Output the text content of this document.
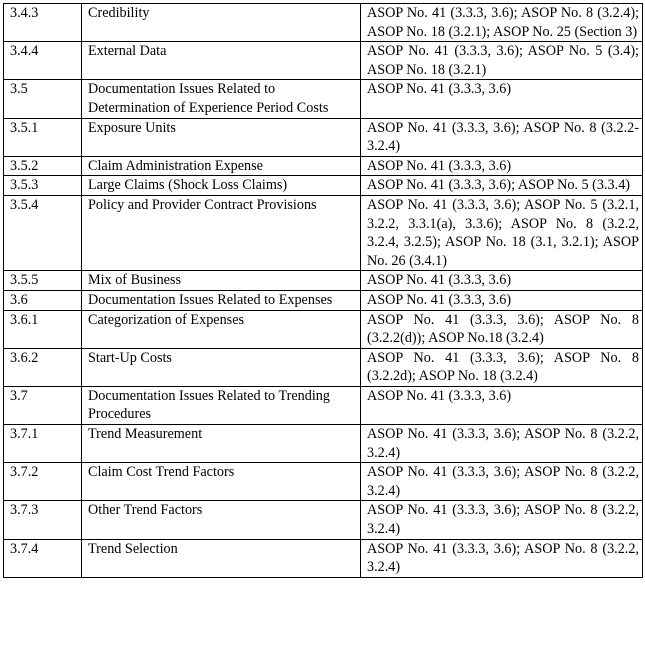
3.4.3	Credibility	ASOP No. 41 (3.3.3, 3.6); ASOP No. 8 (3.2.4); ASOP No. 18 (3.2.1); ASOP No. 25 (Section 3)
3.4.4	External Data	ASOP No. 41 (3.3.3, 3.6); ASOP No. 5 (3.4); ASOP No. 18 (3.2.1)
3.5	Documentation Issues Related to Determination of Experience Period Costs	ASOP No. 41 (3.3.3, 3.6)
3.5.1	Exposure Units	ASOP No. 41 (3.3.3, 3.6); ASOP No. 8 (3.2.2-3.2.4)
3.5.2	Claim Administration Expense	ASOP No. 41 (3.3.3, 3.6)
3.5.3	Large Claims (Shock Loss Claims)	ASOP No. 41 (3.3.3, 3.6); ASOP No. 5 (3.3.4)
3.5.4	Policy and Provider Contract Provisions	ASOP No. 41 (3.3.3, 3.6); ASOP No. 5 (3.2.1, 3.2.2, 3.3.1(a), 3.3.6); ASOP No. 8 (3.2.2, 3.2.4, 3.2.5); ASOP No. 18 (3.1, 3.2.1); ASOP No. 26 (3.4.1)
3.5.5	Mix of Business	ASOP No. 41 (3.3.3, 3.6)
3.6	Documentation Issues Related to Expenses	ASOP No. 41 (3.3.3, 3.6)
3.6.1	Categorization of Expenses	ASOP No. 41 (3.3.3, 3.6); ASOP No. 8 (3.2.2(d)); ASOP No.18 (3.2.4)
3.6.2	Start-Up Costs	ASOP No. 41 (3.3.3, 3.6); ASOP No. 8 (3.2.2d); ASOP No. 18 (3.2.4)
3.7	Documentation Issues Related to Trending Procedures	ASOP No. 41 (3.3.3, 3.6)
3.7.1	Trend Measurement	ASOP No. 41 (3.3.3, 3.6); ASOP No. 8 (3.2.2, 3.2.4)
3.7.2	Claim Cost Trend Factors	ASOP No. 41 (3.3.3, 3.6); ASOP No. 8 (3.2.2, 3.2.4)
3.7.3	Other Trend Factors	ASOP No. 41 (3.3.3, 3.6); ASOP No. 8 (3.2.2, 3.2.4)
3.7.4	Trend Selection	ASOP No. 41 (3.3.3, 3.6); ASOP No. 8 (3.2.2, 3.2.4)
